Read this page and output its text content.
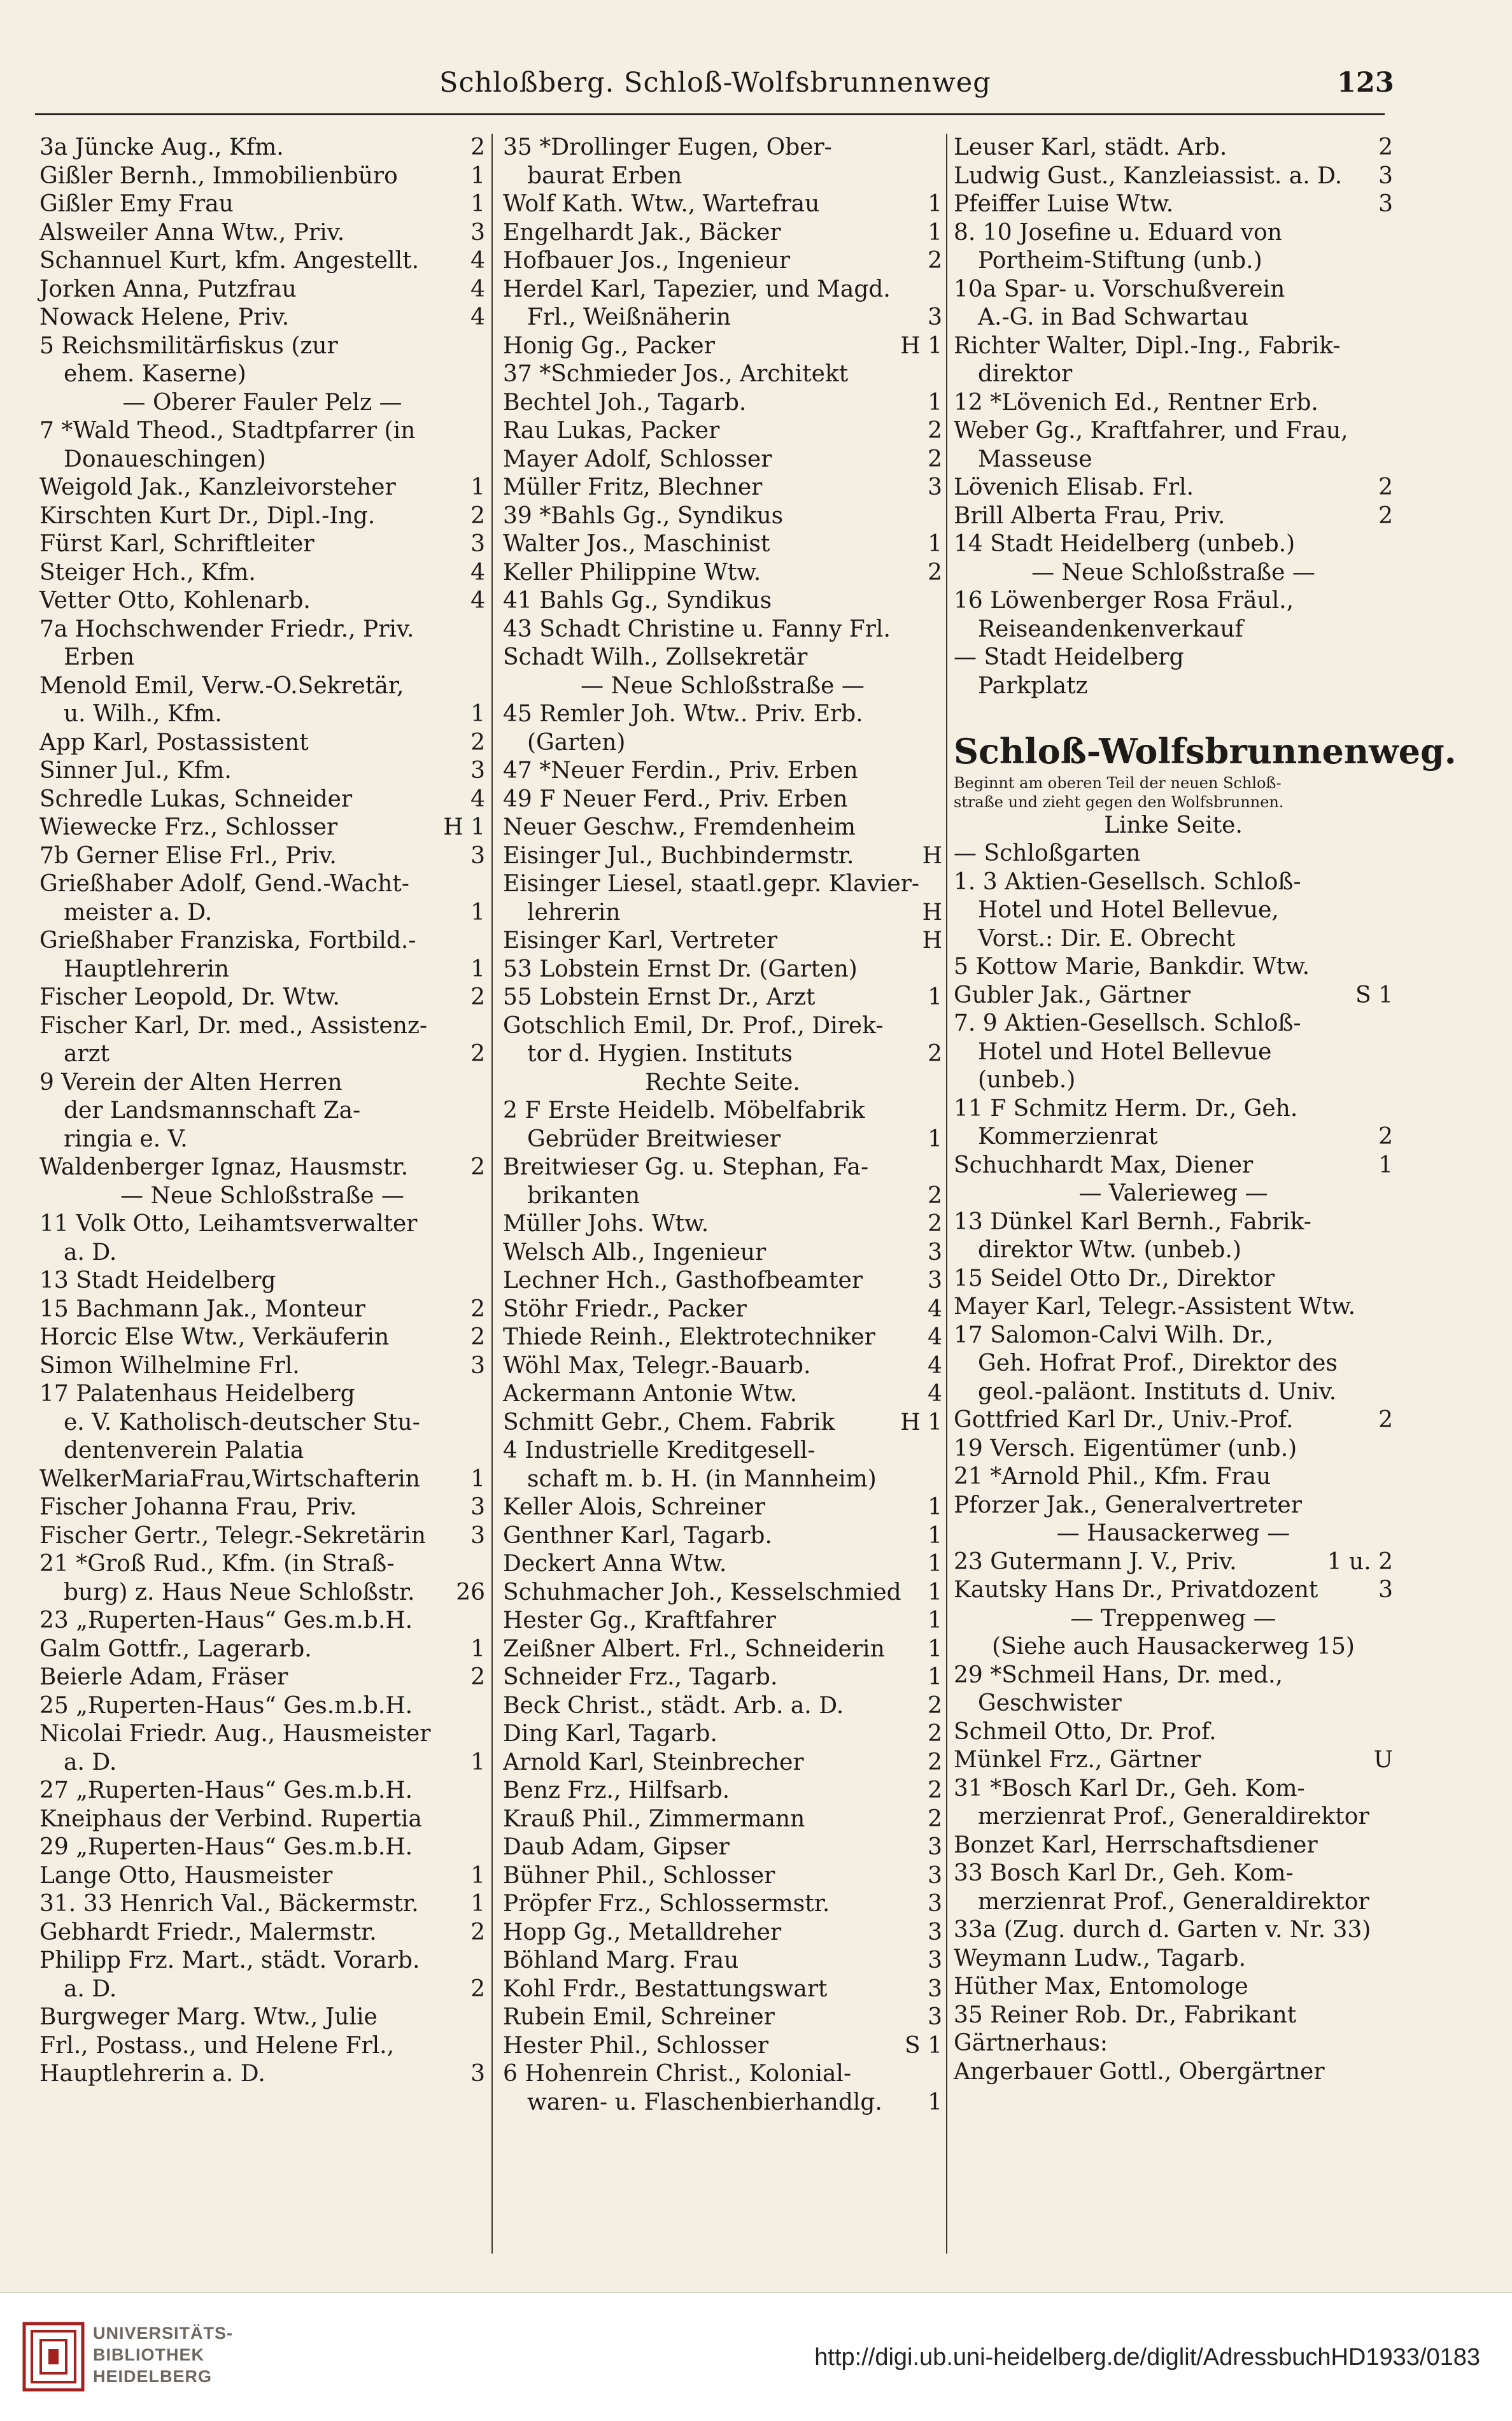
Schloßberg. Schloß-Wolfsbrunnenweg	123
3a Jüncke Aug., Kfm.	2
Gißler Bernh., Immobilienbüro	1
Gißler Emy Frau	1
Alsweiler Anna Wtw., Priv.	3
Schannuel Kurt, kfm. Angestellt. 4
Jorken Anna, Putzfrau	4
Nowack Helene, Priv.	4
5 Reichsmilitärfiskus (zur
ehem. Kaserne)
— Oberer Fauler Pelz —
7 *Wald Theod., Stadtpfarrer (in
Donaueschingen)
Weigold Jak., Kanzleivorsteher	1
Kirschten Kurt Dr., Dipl.-Ing.	2
Fürst Karl, Schriftleiter	3
Steiger Hch., Kfm.	4
Vetter Otto, Kohlenarb.	4
7a Hochschwender Friedr., Priv.
Erben
Menold Emil, Verw.-O.Sekretär,
u. Wilh., Kfm.	1
App Karl, Postassistent	2
Sinner Jul., Kfm.	3
Schredle Lukas, Schneider	4
Wiewecke Frz., Schlosser	H 1
7b Gerner Elise Frl., Priv.	3
Grießhaber Adolf, Gend.-Wacht-
meister a. D.	1
Grießhaber Franziska, Fortbild.-
Hauptlehrerin	1
Fischer Leopold, Dr. Wtw.	2
Fischer Karl, Dr. med., Assistenz-
arzt	2
9 Verein der Alten Herren
der Landsmannschaft Za-
ringia e. V.
Waldenberger Ignaz, Hausmstr.	2
— Neue Schloßstraße —
11 Volk Otto, Leihamtsverwalter
a. D.
13 Stadt Heidelberg
15 Bachmann Jak., Monteur	2
Horcic Else Wtw., Verkäuferin	2
Simon Wilhelmine Frl.	3
17 Palatenhaus Heidelberg
e. V. Katholisch-deutscher Stu-
dentenverein Palatia
WelkerMariaFrau,Wirtschafterin 1
Fischer Johanna Frau, Priv.	3
Fischer Gertr., Telegr.-Sekretärin 3
21 *Groß Rud., Kfm. (in Straß-
burg) z. Haus Neue Schloßstr. 26
23 „Ruperten-Haus“ Ges.m.b.H.
Galm Gottfr., Lagerarb.	1
Beierle Adam, Fräser	2
25 „Ruperten-Haus“ Ges.m.b.H.
Nicolai Friedr. Aug., Hausmeister
a. D.	1
27 „Ruperten-Haus“ Ges.m.b.H.
Kneiphaus der Verbind. Rupertia
29 „Ruperten-Haus“ Ges.m.b.H.
Lange Otto, Hausmeister	1
31. 33 Henrich Val., Bäckermstr. 1
Gebhardt Friedr., Malermstr.	2
Philipp Frz. Mart., städt. Vorarb.
a. D.	2
Burgweger Marg. Wtw., Julie
Frl., Postass., und Helene Frl.,
Hauptlehrerin a. D.	3
35 *Drollinger Eugen, Ober-
baurat Erben
Wolf Kath. Wtw., Wartefrau	1
Engelhardt Jak., Bäcker	1
Hofbauer Jos., Ingenieur	2
Herdel Karl, Tapezier, und Magd.
Frl., Weißnäherin	3
Honig Gg., Packer	H 1
37 *Schmieder Jos., Architekt
Bechtel Joh., Tagarb.	1
Rau Lukas, Packer	2
Mayer Adolf, Schlosser	2
Müller Fritz, Blechner	3
39 *Bahls Gg., Syndikus
Walter Jos., Maschinist	1
Keller Philippine Wtw.	2
41 Bahls Gg., Syndikus
43 Schadt Christine u. Fanny Frl.
Schadt Wilh., Zollsekretär
— Neue Schloßstraße —
45 Remler Joh. Wtw.. Priv. Erb.
(Garten)
47 *Neuer Ferdin., Priv. Erben
49 F Neuer Ferd., Priv. Erben
Neuer Geschw., Fremdenheim
Eisinger Jul., Buchbindermstr.	H
Eisinger Liesel, staatl.gepr. Klavier-
lehrerin	H
Eisinger Karl, Vertreter	H
53 Lobstein Ernst Dr. (Garten)
55 Lobstein Ernst Dr., Arzt	1
Gotschlich Emil, Dr. Prof., Direk-
tor d. Hygien. Instituts	2
Rechte Seite.
2 F Erste Heidelb. Möbelfabrik
Gebrüder Breitwieser	1
Breitwieser Gg. u. Stephan, Fa-
brikanten	2
Müller Johs. Wtw.	2
Welsch Alb., Ingenieur	3
Lechner Hch., Gasthofbeamter	3
Stöhr Friedr., Packer	4
Thiede Reinh., Elektrotechniker 4
Wöhl Max, Telegr.-Bauarb.	4
Ackermann Antonie Wtw.	4
Schmitt Gebr., Chem. Fabrik	H 1
4 Industrielle Kreditgesell-
schaft m. b. H. (in Mannheim)
Keller Alois, Schreiner	1
Genthner Karl, Tagarb.	1
Deckert Anna Wtw.	1
Schuhmacher Joh., Kesselschmied 1
Hester Gg., Kraftfahrer	1
Zeißner Albert. Frl., Schneiderin 1
Schneider Frz., Tagarb.	1
Beck Christ., städt. Arb. a. D.	2
Ding Karl, Tagarb.	2
Arnold Karl, Steinbrecher	2
Benz Frz., Hilfsarb.	2
Krauß Phil., Zimmermann	2
Daub Adam, Gipser	3
Bühner Phil., Schlosser	3
Pröpfer Frz., Schlossermstr.	3
Hopp Gg., Metalldreher	3
Böhland Marg. Frau	3
Kohl Frdr., Bestattungswart	3
Rubein Emil, Schreiner	3
Hester Phil., Schlosser	S 1
6 Hohenrein Christ., Kolonial-
waren- u. Flaschenbierhandlg. 1
Leuser Karl, städt. Arb.	2
Ludwig Gust., Kanzleiassist. a. D. 3
Pfeiffer Luise Wtw.	3
8. 10 Josefine u. Eduard von
Portheim-Stiftung (unb.)
10a Spar- u. Vorschußverein
A.-G. in Bad Schwartau
Richter Walter, Dipl.-Ing., Fabrik-
direktor
12 *Lövenich Ed., Rentner Erb.
Weber Gg., Kraftfahrer, und Frau,
Masseuse
Lövenich Elisab. Frl.	2
Brill Alberta Frau, Priv.	2
14 Stadt Heidelberg (unbeb.)
— Neue Schloßstraße —
16 Löwenberger Rosa Fräul.,
Reiseandenkenverkauf
— Stadt Heidelberg
Parkplatz
Schloß-Wolfsbrunnenweg.
Beginnt am oberen Teil der neuen Schloß-
straße und zieht gegen den Wolfsbrunnen.
Linke Seite.
— Schloßgarten
1. 3 Aktien-Gesellsch. Schloß-
Hotel und Hotel Bellevue,
Vorst.: Dir. E. Obrecht
5 Kottow Marie, Bankdir. Wtw.
Gubler Jak., Gärtner	S 1
7. 9 Aktien-Gesellsch. Schloß-
Hotel und Hotel Bellevue
(unbeb.)
11 F Schmitz Herm. Dr., Geh.
Kommerzienrat	2
Schuchhardt Max, Diener	1
— Valerieweg —
13 Dünkel Karl Bernh., Fabrik-
direktor Wtw. (unbeb.)
15 Seidel Otto Dr., Direktor
Mayer Karl, Telegr.-Assistent Wtw.
17 Salomon-Calvi Wilh. Dr.,
Geh. Hofrat Prof., Direktor des
geol.-paläont. Instituts d. Univ.
Gottfried Karl Dr., Univ.-Prof.	2
19 Versch. Eigentümer (unb.)
21 *Arnold Phil., Kfm. Frau
Pforzer Jak., Generalvertreter
— Hausackerweg —
23 Gutermann J. V., Priv.	1 u. 2
Kautsky Hans Dr., Privatdozent	3
— Treppenweg —
(Siehe auch Hausackerweg 15)
29 *Schmeil Hans, Dr. med.,
Geschwister
Schmeil Otto, Dr. Prof.
Münkel Frz., Gärtner	U
31 *Bosch Karl Dr., Geh. Kom-
merzienrat Prof., Generaldirektor
Bonzet Karl, Herrschaftsdiener
33 Bosch Karl Dr., Geh. Kom-
merzienrat Prof., Generaldirektor
33a (Zug. durch d. Garten v. Nr. 33)
Weymann Ludw., Tagarb.
Hüther Max, Entomologe
35 Reiner Rob. Dr., Fabrikant
Gärtnerhaus:
Angerbauer Gottl., Obergärtner
UNIVERSITÄTS-
BIBLIOTHEK
HEIDELBERG
http://digi.ub.uni-heidelberg.de/diglit/AdressbuchHD1933/0183
